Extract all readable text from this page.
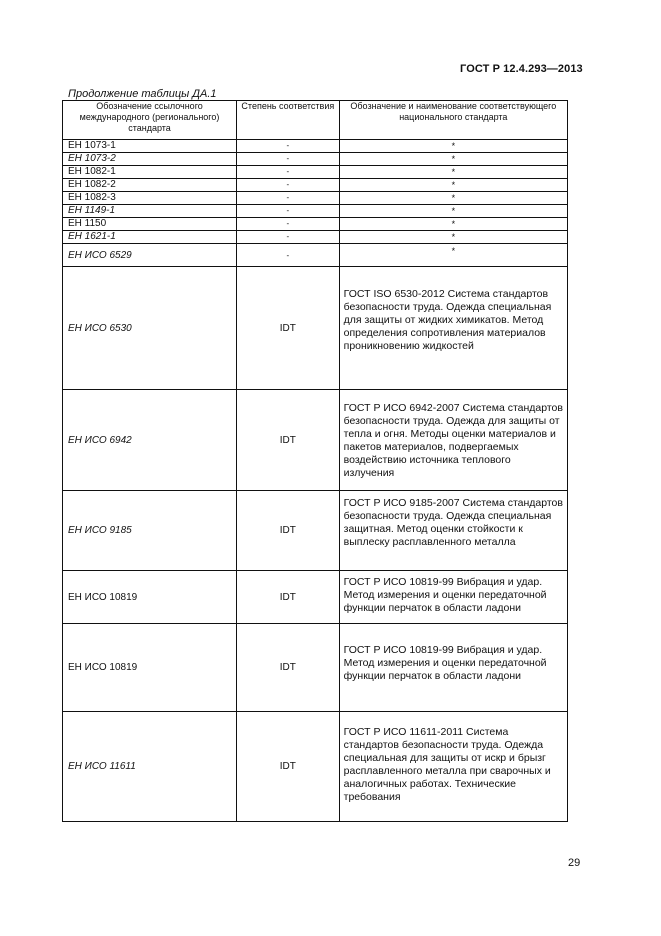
ГОСТ Р 12.4.293—2013
Продолжение таблицы ДА.1
Обозначение ссылочного международного (регионального) стандарта	Степень соответствия	Обозначение и наименование соответствующего национального стандарта
ЕН 1073-1	-	*
ЕН 1073-2	-	*
ЕН 1082-1	-	*
ЕН 1082-2	-	*
ЕН 1082-3	-	*
ЕН 1149-1	-	*
ЕН 1150	-	*
ЕН 1621-1	-	*
ЕН ИСО 6529	-	*
ЕН ИСО 6530	IDT	ГОСТ ISO 6530-2012 Система стандартов безопасности труда. Одежда специальная для защиты от жидких химикатов. Метод определения сопротивления материалов проникновению жидкостей
ЕН ИСО 6942	IDT	ГОСТ Р ИСО 6942-2007 Система стандартов безопасности труда. Одежда для защиты от тепла и огня. Методы оценки материалов и пакетов материалов, подвергаемых воздействию источника теплового излучения
ЕН ИСО 9185	IDT	ГОСТ Р ИСО 9185-2007 Система стандартов безопасности труда. Одежда специальная защитная. Метод оценки стойкости к выплеску расплавленного металла
ЕН ИСО 10819	IDT	ГОСТ Р ИСО 10819-99 Вибрация и удар. Метод измерения и оценки передаточной функции перчаток в области ладони
ЕН ИСО 10819	IDT	ГОСТ Р ИСО 10819-99 Вибрация и удар. Метод измерения и оценки передаточной функции перчаток в области ладони
ЕН ИСО 11611	IDT	ГОСТ Р ИСО 11611-2011 Система стандартов безопасности труда. Одежда специальная для защиты от искр и брызг расплавленного металла при сварочных и аналогичных работах. Технические требования
29
